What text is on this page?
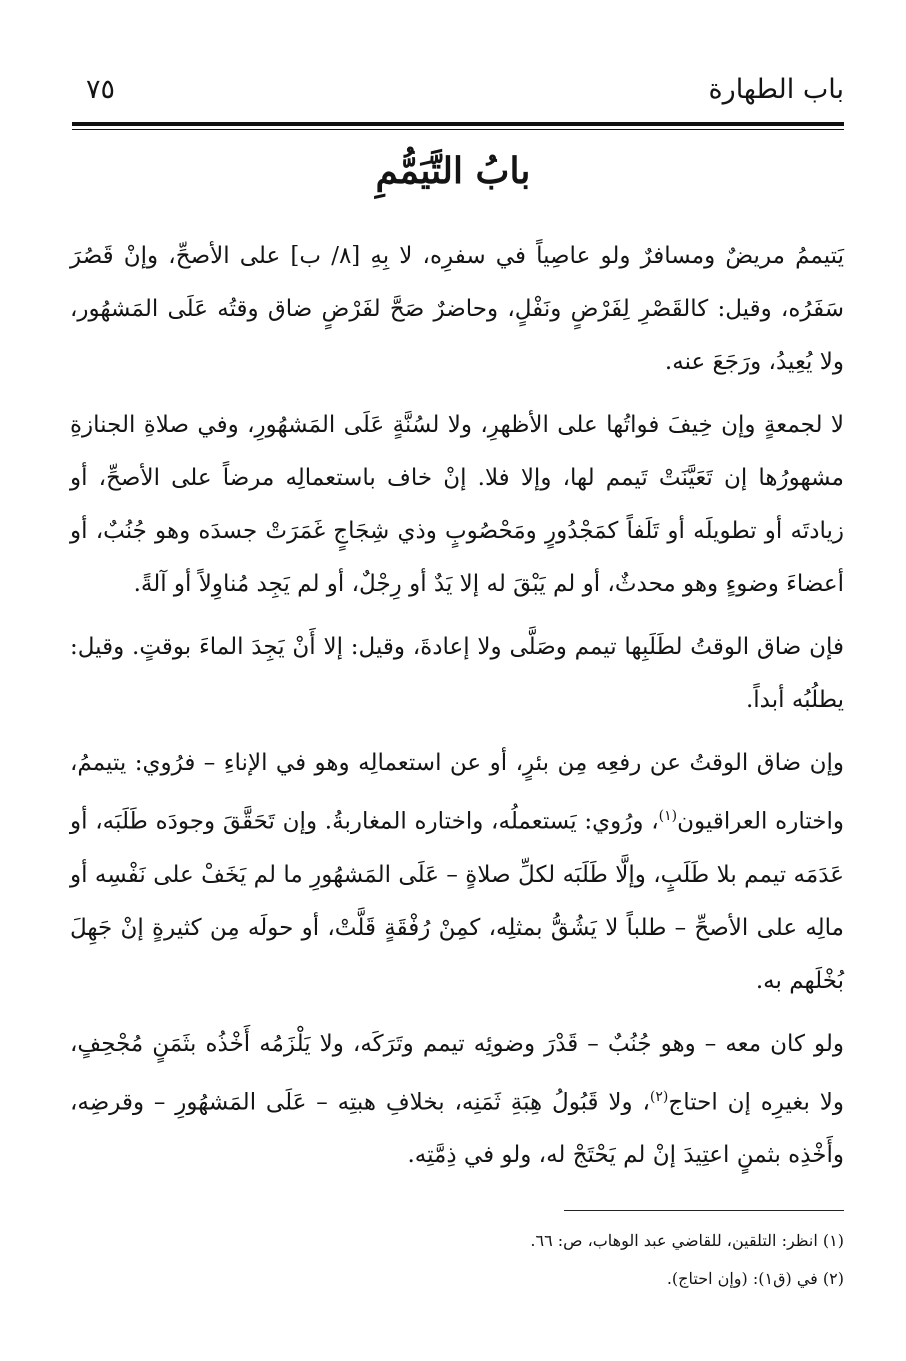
باب الطهارة
٧٥
بابُ التَّيَمُّمِ

يَتيممُ مريضٌ ومسافرٌ ولو عاصِياً في سفرِه، لا بِهِ [٨/ ب] على الأصحِّ، وإنْ قَصُرَ سَفَرُه، وقيل: كالقَصْرِ لِفَرْضٍ ونَفْلٍ، وحاضرٌ صَحَّ لفَرْضٍ ضاق وقتُه عَلَى المَشهُور، ولا يُعِيدُ، ورَجَعَ عنه.

لا لجمعةٍ وإن خِيفَ فواتُها على الأظهرِ، ولا لسُنَّةٍ عَلَى المَشهُورِ، وفي صلاةِ الجنازةِ مشهورُها إن تَعَيَّنَتْ تَيمم لها، وإلا فلا. إنْ خاف باستعمالِه مرضاً على الأصحِّ، أو زيادتَه أو تطويلَه أو تَلَفاً كمَجْدُورٍ ومَحْصُوبٍ وذي شِجَاجٍ غَمَرَتْ جسدَه وهو جُنُبٌ، أو أعضاءَ وضوءٍ وهو محدثٌ، أو لم يَبْقَ له إلا يَدٌ أو رِجْلٌ، أو لم يَجِد مُناوِلاً أو آلةً.

فإن ضاق الوقتُ لطَلَبِها تيمم وصَلَّى ولا إعادةَ، وقيل: إلا أَنْ يَجِدَ الماءَ بوقتٍ. وقيل: يطلُبُه أبداً.

وإن ضاق الوقتُ عن رفعِه مِن بئرٍ، أو عن استعمالِه وهو في الإناءِ – فرُوي: يتيممُ، واختاره العراقيون$^{(١)}$، ورُوي: يَستعملُه، واختاره المغاربةُ. وإن تَحَقَّقَ وجودَه طَلَبَه، أو عَدَمَه تيمم بلا طَلَبٍ، وإلَّا طَلَبَه لكلِّ صلاةٍ – عَلَى المَشهُورِ ما لم يَخَفْ على نَفْسِه أو مالِه على الأصحِّ – طلباً لا يَشُقُّ بمثلِه، كمِنْ رُفْقَةٍ قَلَّتْ، أو حولَه مِن كثيرةٍ إنْ جَهِلَ بُخْلَهم به.

ولو كان معه – وهو جُنُبٌ – قَدْرَ وضوئِه تيمم وتَرَكَه، ولا يَلْزَمُه أَخْذُه بثَمَنٍ مُجْحِفٍ، ولا بغيرِه إن احتاج$^{(٢)}$، ولا قَبُولُ هِبَةِ ثَمَنِه، بخلافِ هبتِه – عَلَى المَشهُورِ – وقرضِه، وأَخْذِه بثمنٍ اعتِيدَ إنْ لم يَحْتَجْ له، ولو في ذِمَّتِه.

(١) انظر: التلقين، للقاضي عبد الوهاب، ص: ٦٦.
(٢) في (ق١): (وإن احتاج).
